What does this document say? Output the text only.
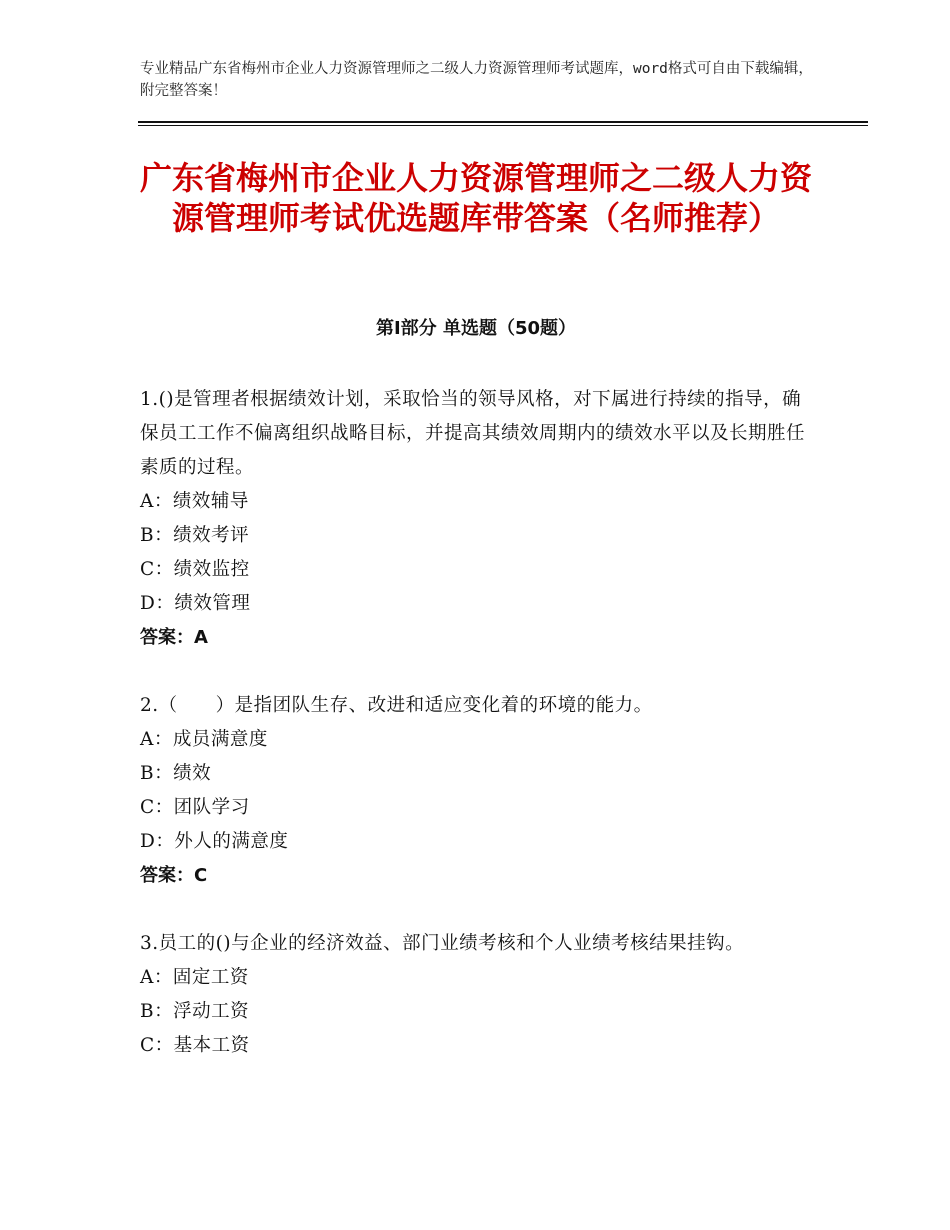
专业精品广东省梅州市企业人力资源管理师之二级人力资源管理师考试题库，word格式可自由下载编辑，附完整答案！
广东省梅州市企业人力资源管理师之二级人力资源管理师考试优选题库带答案（名师推荐）
第Ⅰ部分 单选题（50题）
1.()是管理者根据绩效计划，采取恰当的领导风格，对下属进行持续的指导，确保员工工作不偏离组织战略目标，并提高其绩效周期内的绩效水平以及长期胜任素质的过程。
A：绩效辅导
B：绩效考评
C：绩效监控
D：绩效管理
答案：A
2.（　　）是指团队生存、改进和适应变化着的环境的能力。
A：成员满意度
B：绩效
C：团队学习
D：外人的满意度
答案：C
3.员工的()与企业的经济效益、部门业绩考核和个人业绩考核结果挂钩。
A：固定工资
B：浮动工资
C：基本工资
